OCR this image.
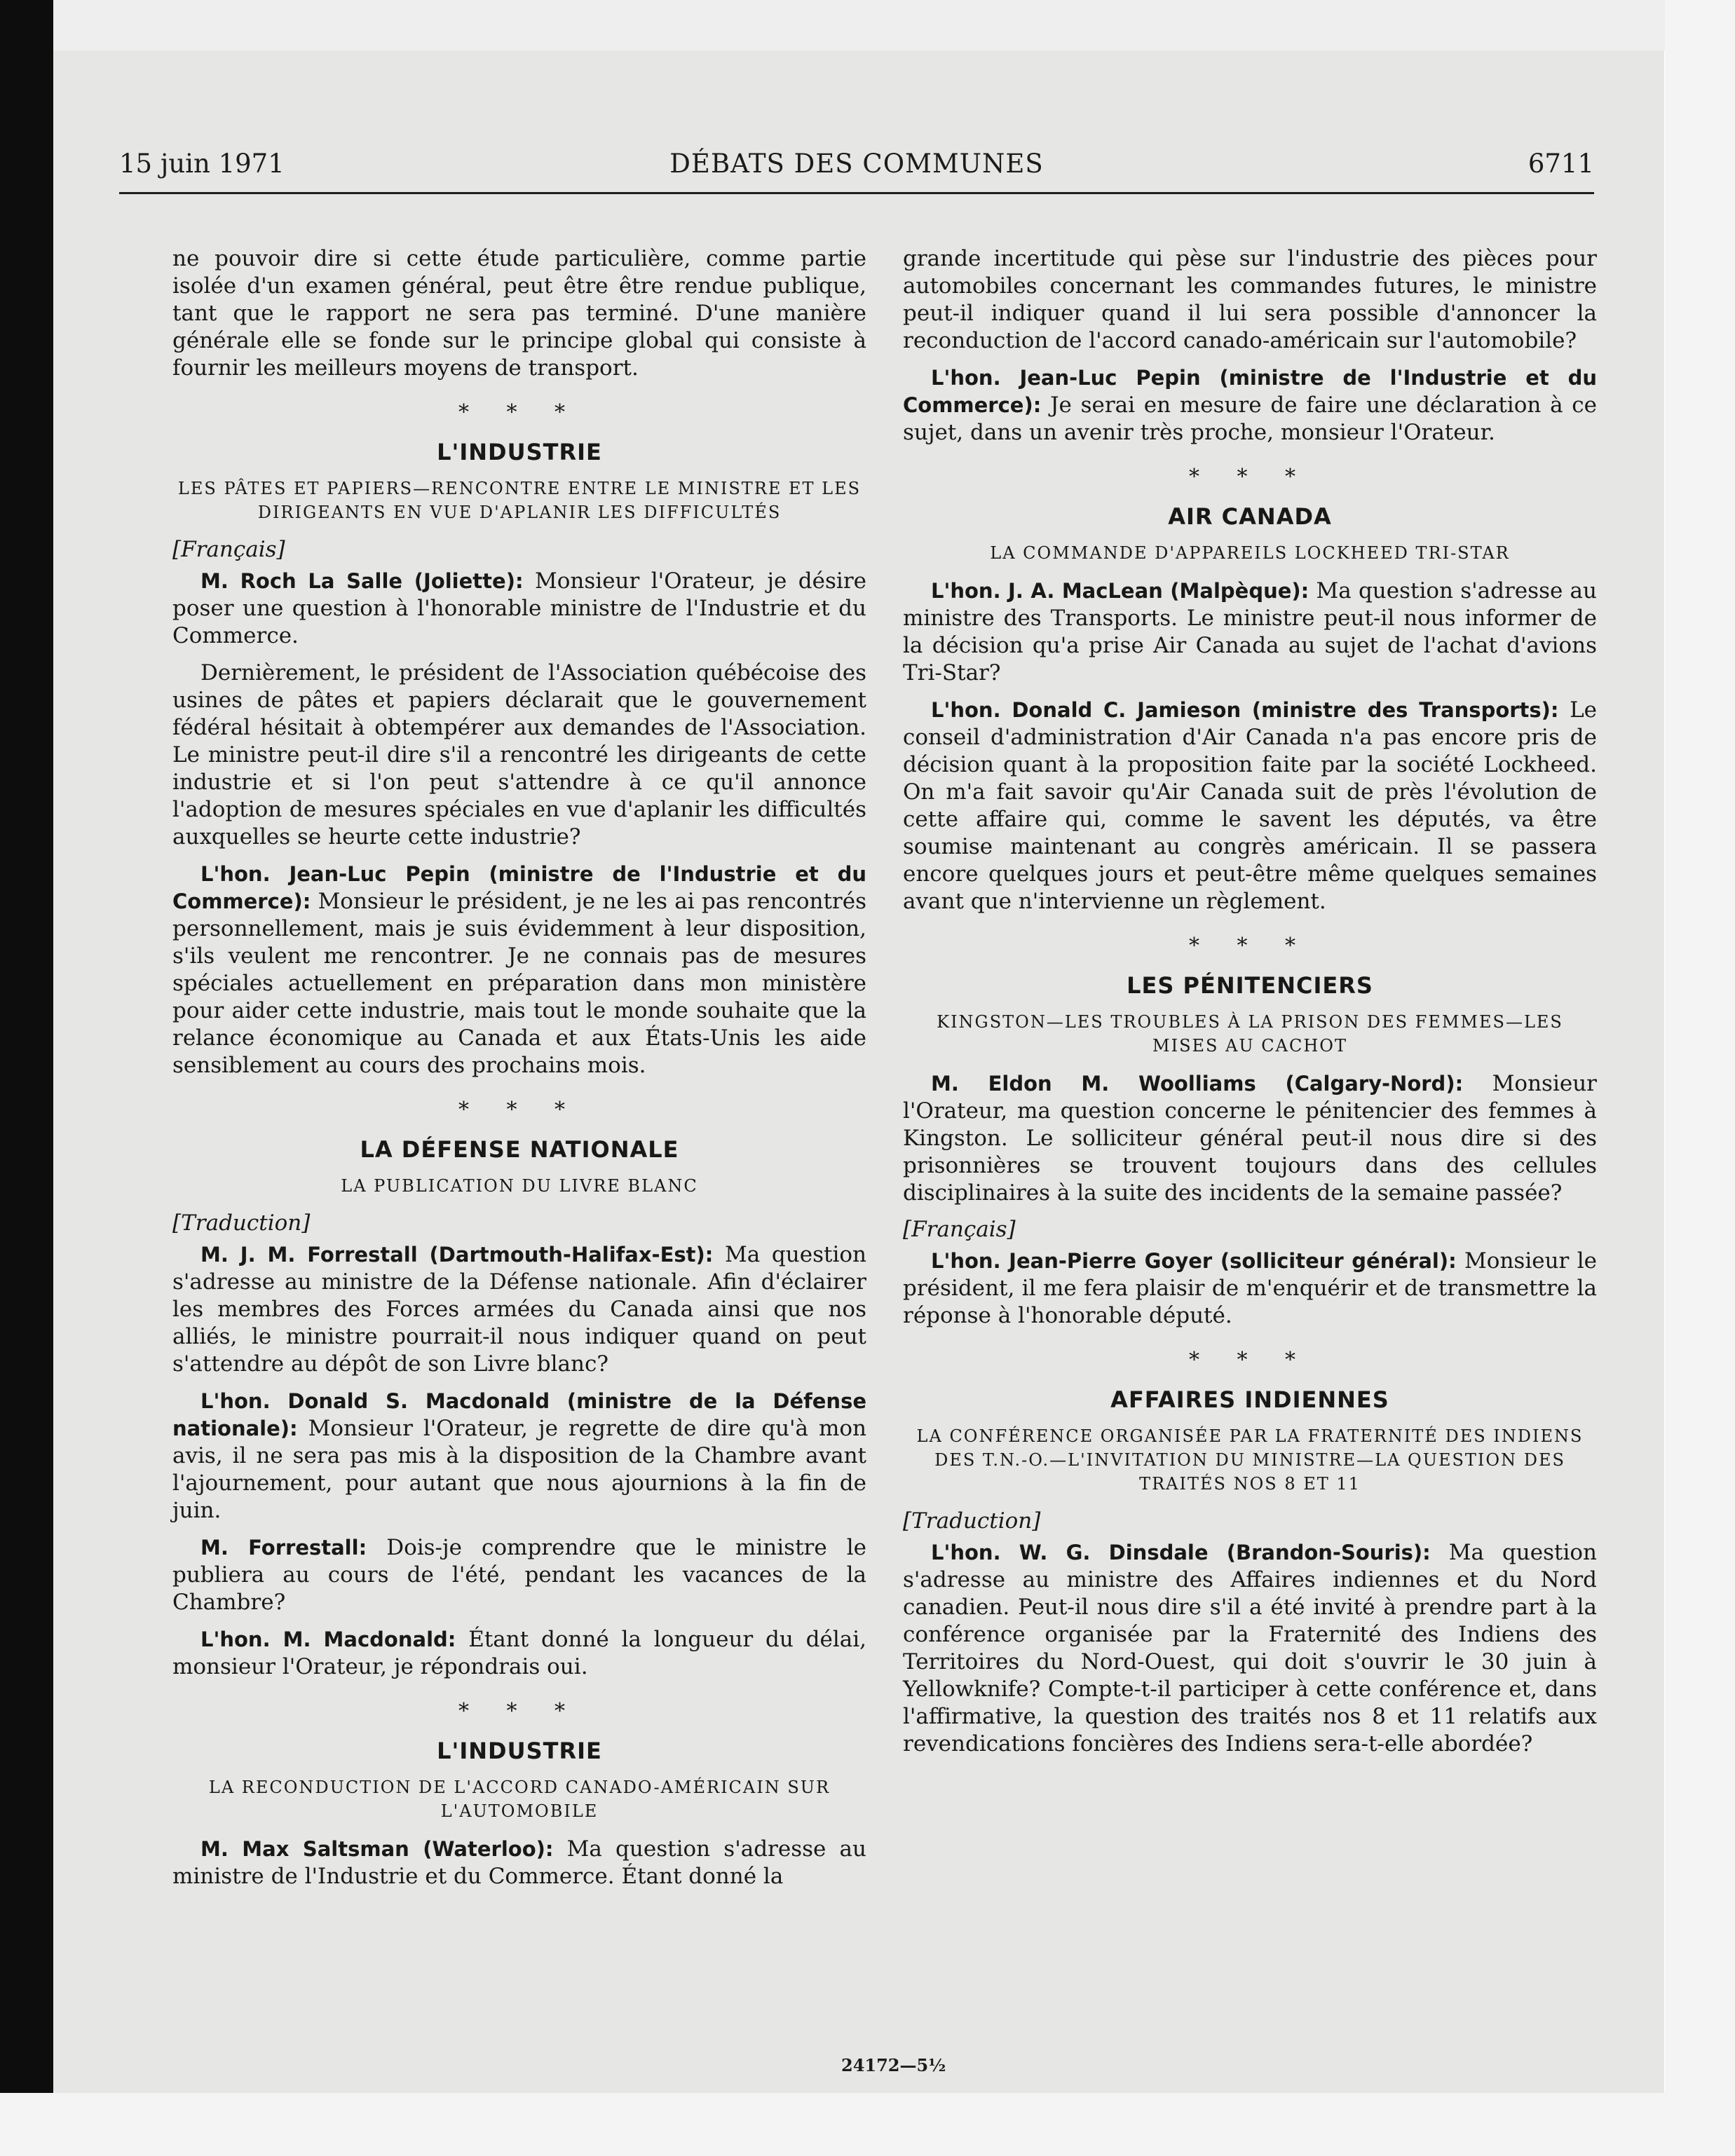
15 juin 1971	DÉBATS DES COMMUNES	6711

ne pouvoir dire si cette étude particulière, comme partie isolée d'un examen général, peut être être rendue publique, tant que le rapport ne sera pas terminé. D'une manière générale elle se fonde sur le principe global qui consiste à fournir les meilleurs moyens de transport.

* * *
L'INDUSTRIE
LES PÂTES ET PAPIERS—RENCONTRE ENTRE LE MINISTRE ET LES DIRIGEANTS EN VUE D'APLANIR LES DIFFICULTÉS
[Français]

M. Roch La Salle (Joliette): Monsieur l'Orateur, je désire poser une question à l'honorable ministre de l'Industrie et du Commerce.

Dernièrement, le président de l'Association québécoise des usines de pâtes et papiers déclarait que le gouvernement fédéral hésitait à obtempérer aux demandes de l'Association. Le ministre peut-il dire s'il a rencontré les dirigeants de cette industrie et si l'on peut s'attendre à ce qu'il annonce l'adoption de mesures spéciales en vue d'aplanir les difficultés auxquelles se heurte cette industrie?

L'hon. Jean-Luc Pepin (ministre de l'Industrie et du Commerce): Monsieur le président, je ne les ai pas rencontrés personnellement, mais je suis évidemment à leur disposition, s'ils veulent me rencontrer. Je ne connais pas de mesures spéciales actuellement en préparation dans mon ministère pour aider cette industrie, mais tout le monde souhaite que la relance économique au Canada et aux États-Unis les aide sensiblement au cours des prochains mois.

* * *
LA DÉFENSE NATIONALE
LA PUBLICATION DU LIVRE BLANC
[Traduction]

M. J. M. Forrestall (Dartmouth-Halifax-Est): Ma question s'adresse au ministre de la Défense nationale. Afin d'éclairer les membres des Forces armées du Canada ainsi que nos alliés, le ministre pourrait-il nous indiquer quand on peut s'attendre au dépôt de son Livre blanc?

L'hon. Donald S. Macdonald (ministre de la Défense nationale): Monsieur l'Orateur, je regrette de dire qu'à mon avis, il ne sera pas mis à la disposition de la Chambre avant l'ajournement, pour autant que nous ajournions à la fin de juin.

M. Forrestall: Dois-je comprendre que le ministre le publiera au cours de l'été, pendant les vacances de la Chambre?

L'hon. M. Macdonald: Étant donné la longueur du délai, monsieur l'Orateur, je répondrais oui.

* * *
L'INDUSTRIE
LA RECONDUCTION DE L'ACCORD CANADO-AMÉRICAIN SUR L'AUTOMOBILE

M. Max Saltsman (Waterloo): Ma question s'adresse au ministre de l'Industrie et du Commerce. Étant donné la

grande incertitude qui pèse sur l'industrie des pièces pour automobiles concernant les commandes futures, le ministre peut-il indiquer quand il lui sera possible d'annoncer la reconduction de l'accord canado-américain sur l'automobile?

L'hon. Jean-Luc Pepin (ministre de l'Industrie et du Commerce): Je serai en mesure de faire une déclaration à ce sujet, dans un avenir très proche, monsieur l'Orateur.

* * *
AIR CANADA
LA COMMANDE D'APPAREILS LOCKHEED TRI-STAR

L'hon. J. A. MacLean (Malpèque): Ma question s'adresse au ministre des Transports. Le ministre peut-il nous informer de la décision qu'a prise Air Canada au sujet de l'achat d'avions Tri-Star?

L'hon. Donald C. Jamieson (ministre des Transports): Le conseil d'administration d'Air Canada n'a pas encore pris de décision quant à la proposition faite par la société Lockheed. On m'a fait savoir qu'Air Canada suit de près l'évolution de cette affaire qui, comme le savent les députés, va être soumise maintenant au congrès américain. Il se passera encore quelques jours et peut-être même quelques semaines avant que n'intervienne un règlement.

* * *
LES PÉNITENCIERS
KINGSTON—LES TROUBLES À LA PRISON DES FEMMES—LES MISES AU CACHOT

M. Eldon M. Woolliams (Calgary-Nord): Monsieur l'Orateur, ma question concerne le pénitencier des femmes à Kingston. Le solliciteur général peut-il nous dire si des prisonnières se trouvent toujours dans des cellules disciplinaires à la suite des incidents de la semaine passée?

[Français]

L'hon. Jean-Pierre Goyer (solliciteur général): Monsieur le président, il me fera plaisir de m'enquérir et de transmettre la réponse à l'honorable député.

* * *
AFFAIRES INDIENNES
LA CONFÉRENCE ORGANISÉE PAR LA FRATERNITÉ DES INDIENS DES T.N.-O.—L'INVITATION DU MINISTRE—LA QUESTION DES TRAITÉS NOS 8 ET 11
[Traduction]

L'hon. W. G. Dinsdale (Brandon-Souris): Ma question s'adresse au ministre des Affaires indiennes et du Nord canadien. Peut-il nous dire s'il a été invité à prendre part à la conférence organisée par la Fraternité des Indiens des Territoires du Nord-Ouest, qui doit s'ouvrir le 30 juin à Yellowknife? Compte-t-il participer à cette conférence et, dans l'affirmative, la question des traités nos 8 et 11 relatifs aux revendications foncières des Indiens sera-t-elle abordée?

24172—5½
